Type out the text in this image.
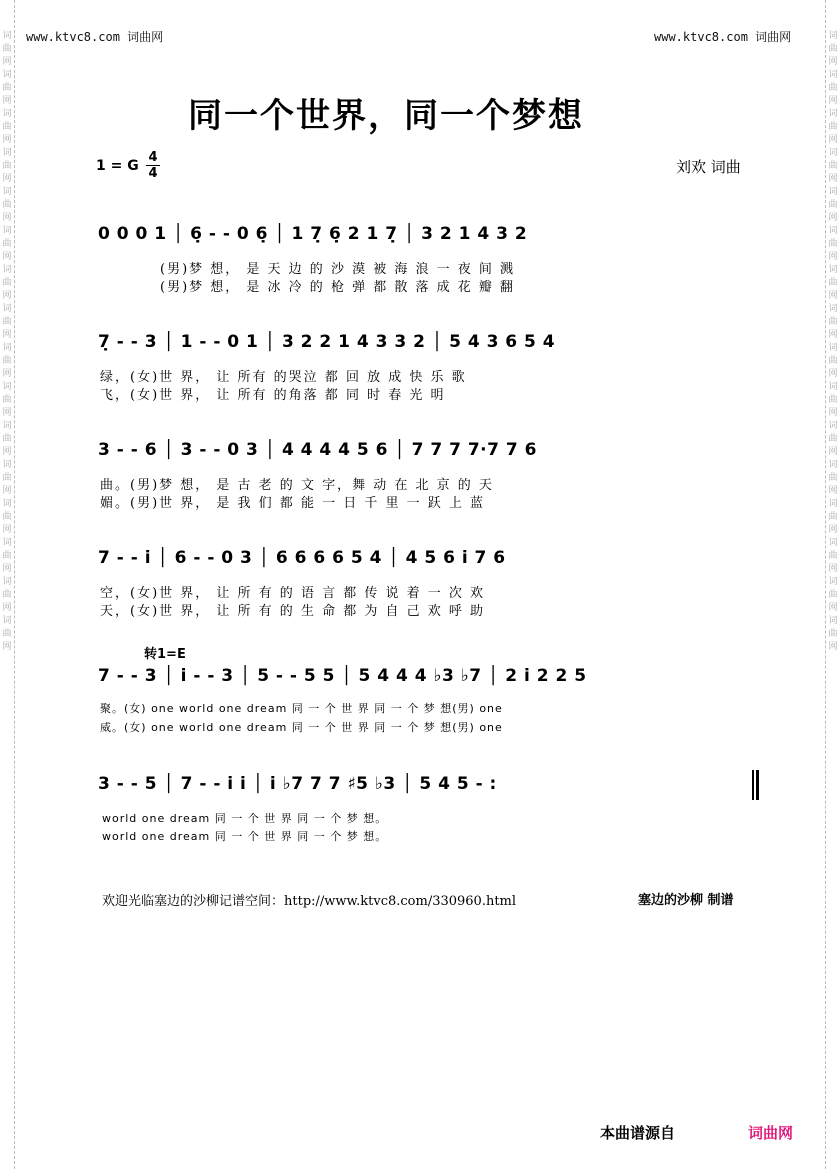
词曲网词曲网词曲网词曲网词曲网词曲网词曲网词曲网词曲网词曲网词曲网词曲网词曲网词曲网词曲网词曲网
词曲网词曲网词曲网词曲网词曲网词曲网词曲网词曲网词曲网词曲网词曲网词曲网词曲网词曲网词曲网词曲网
www.ktvc8.com 词曲网	www.ktvc8.com 词曲网
同一个世界，同一个梦想
1 = G
4
4	刘欢 词曲
0 0 0 1 │ 6̣ - - 0 6̣ │ 1 7̣ 6̣ 2 1 7̣ │ 3 2 1 4 3 2
(男)梦 想， 是 天 边 的 沙 漠 被 海 浪 一 夜 间 溅
(男)梦 想， 是 冰 冷 的 枪 弹 都 散 落 成 花 瓣 翻
7̣ - - 3 │ 1 - - 0 1 │ 3 2 2 1 4 3 3 2 │ 5 4 3 6 5 4
绿，(女)世 界， 让 所有 的哭泣 都 回 放 成 快 乐 歌
飞，(女)世 界， 让 所有 的角落 都 同 时 春 光 明
3 - - 6 │ 3 - - 0 3 │ 4 4 4 4 5 6 │ 7 7 7 7·7 7 6
曲。(男)梦 想， 是 古 老 的 文 字，舞 动 在 北 京 的 天
媚。(男)世 界， 是 我 们 都 能 一 日 千 里 一 跃 上 蓝
7 - - i │ 6 - - 0 3 │ 6 6 6 6 5 4 │ 4 5 6 i 7 6
空，(女)世 界， 让 所 有 的 语 言 都 传 说 着 一 次 欢
天，(女)世 界， 让 所 有 的 生 命 都 为 自 己 欢 呼 助
转1=E
7 - - 3 │ i - - 3 │ 5 - - 5 5 │ 5 4 4 4 ♭3 ♭7 │ 2 i 2 2 5
聚。(女) one world one dream 同 一 个 世 界 同 一 个 梦 想(男) one
威。(女) one world one dream 同 一 个 世 界 同 一 个 梦 想(男) one
3 - - 5 │ 7 - - i i │ i ♭7 7 7 ♯5 ♭3 │ 5 4 5 - :
world one dream 同 一 个 世 界 同 一 个 梦 想。
world one dream 同 一 个 世 界 同 一 个 梦 想。
欢迎光临塞边的沙柳记谱空间：http://www.ktvc8.com/330960.html	塞边的沙柳 制谱
本曲谱源自	词曲网
